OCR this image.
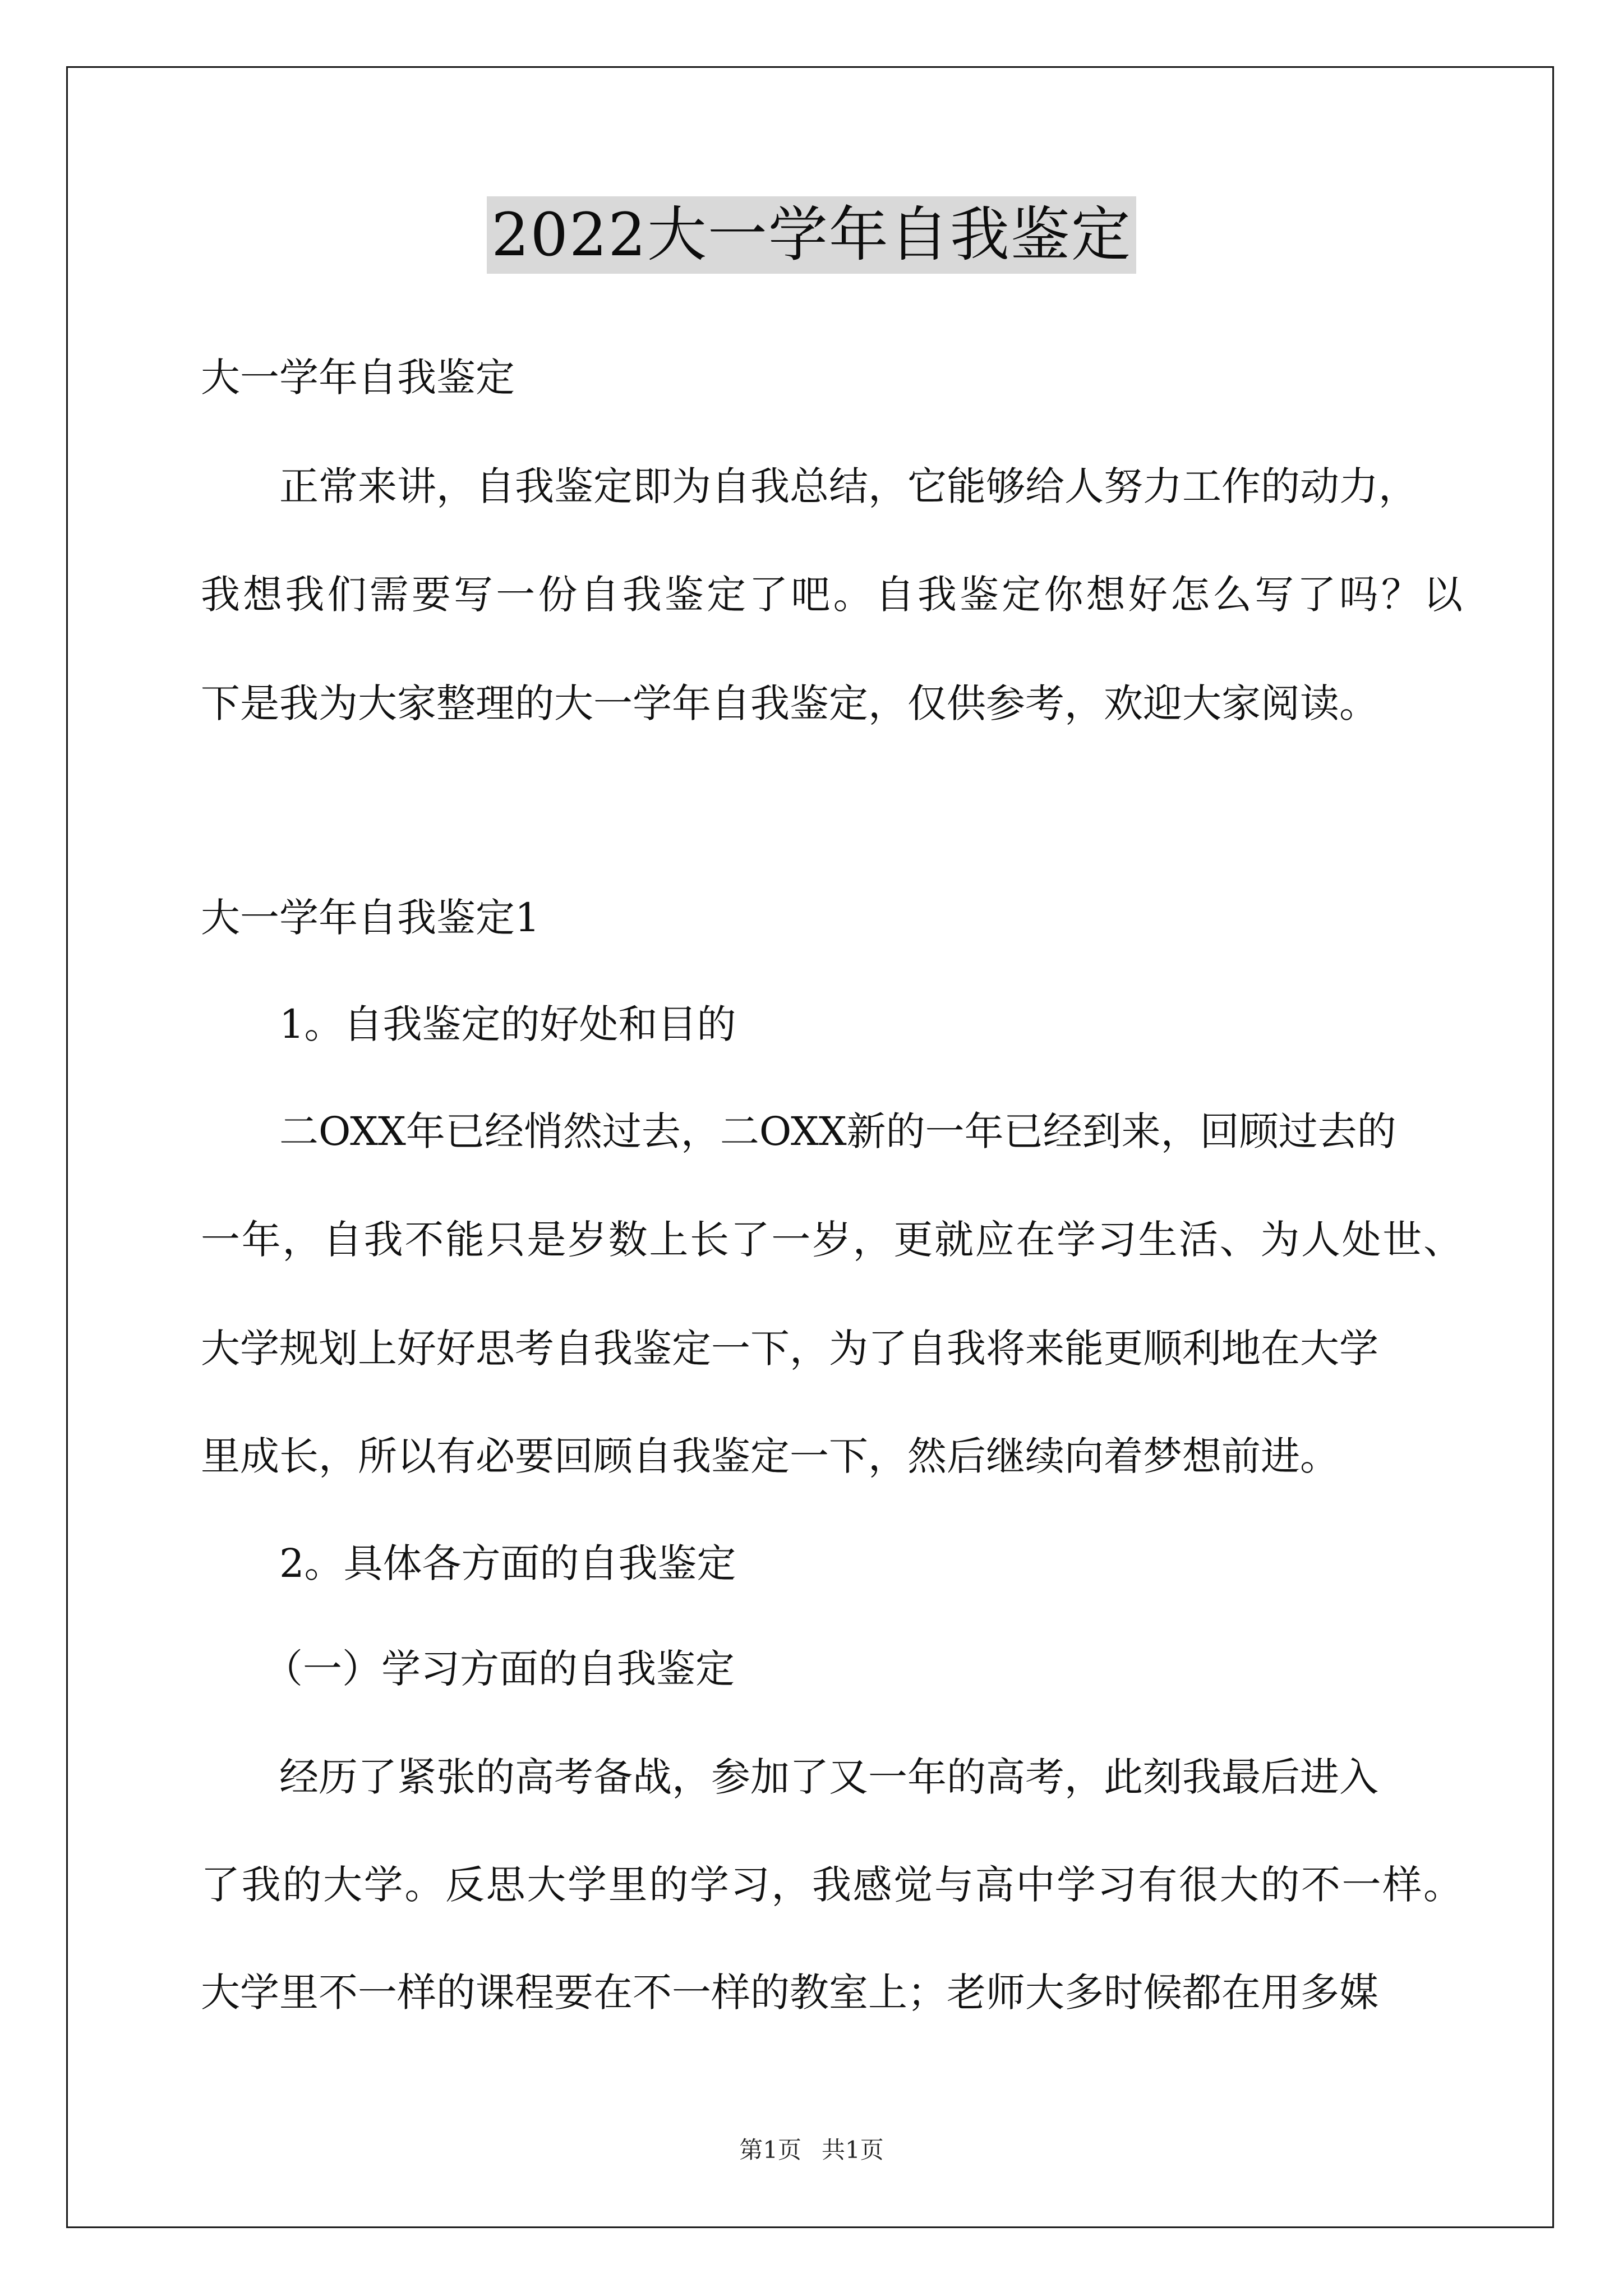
2022大一学年自我鉴定
大一学年自我鉴定
正常来讲，自我鉴定即为自我总结，它能够给人努力工作的动力，
我想我们需要写一份自我鉴定了吧。自我鉴定你想好怎么写了吗？以
下是我为大家整理的大一学年自我鉴定，仅供参考，欢迎大家阅读。
大一学年自我鉴定1
1。自我鉴定的好处和目的
二OXX年已经悄然过去，二OXX新的一年已经到来，回顾过去的
一年，自我不能只是岁数上长了一岁，更就应在学习生活、为人处世、
大学规划上好好思考自我鉴定一下，为了自我将来能更顺利地在大学
里成长，所以有必要回顾自我鉴定一下，然后继续向着梦想前进。
2。具体各方面的自我鉴定
（一）学习方面的自我鉴定
经历了紧张的高考备战，参加了又一年的高考，此刻我最后进入
了我的大学。反思大学里的学习，我感觉与高中学习有很大的不一样。
大学里不一样的课程要在不一样的教室上；老师大多时候都在用多媒
第1页 共1页
